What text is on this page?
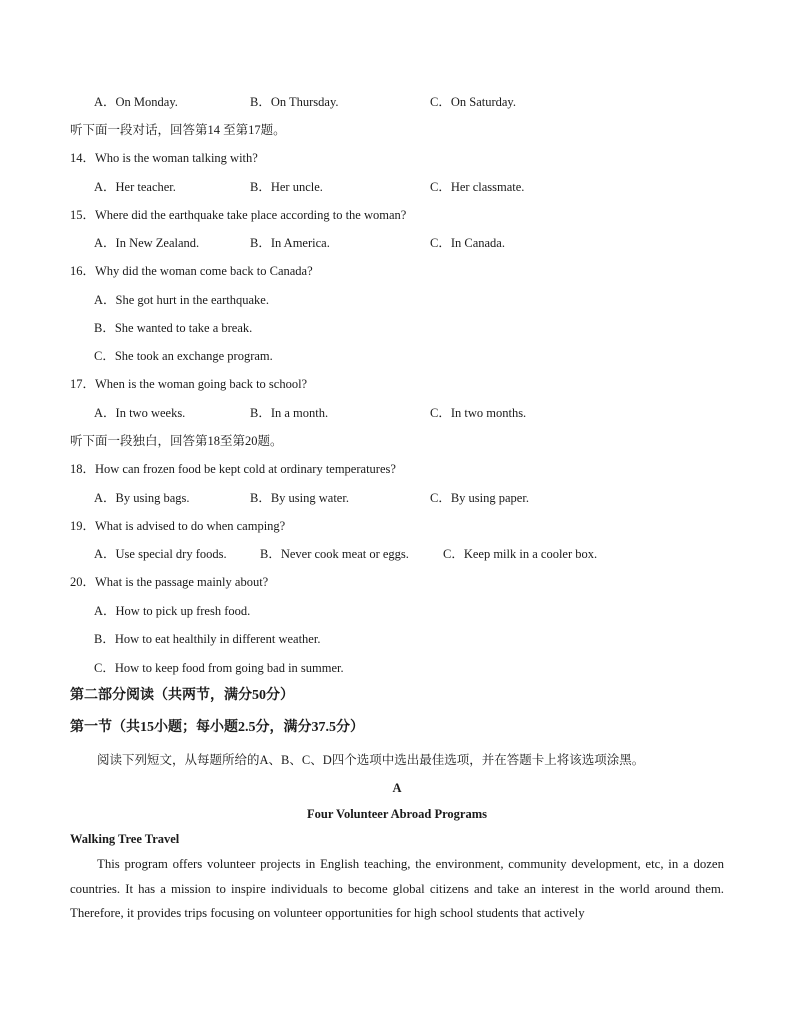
A．On Monday.	B．On Thursday.	C．On Saturday.
听下面一段对话，回答第14 至第17题。
14．Who is the woman talking with?
A．Her teacher.	B．Her uncle.	C．Her classmate.
15．Where did the earthquake take place according to the woman?
A．In New Zealand.	B．In America.	C．In Canada.
16．Why did the woman come back to Canada?
A．She got hurt in the earthquake.
B．She wanted to take a break.
C．She took an exchange program.
17．When is the woman going back to school?
A．In two weeks.	B．In a month.	C．In two months.
听下面一段独白，回答第18至第20题。
18．How can frozen food be kept cold at ordinary temperatures?
A．By using bags.	B．By using water.	C．By using paper.
19．What is advised to do when camping?
A．Use special dry foods.	B．Never cook meat or eggs.	C．Keep milk in a cooler box.
20．What is the passage mainly about?
A．How to pick up fresh food.
B．How to eat healthily in different weather.
C．How to keep food from going bad in summer.
第二部分阅读（共两节，满分50分）
第一节（共15小题；每小题2.5分，满分37.5分）
阅读下列短文，从每题所给的A、B、C、D四个选项中选出最佳选项，并在答题卡上将该选项涂黑。
A
Four Volunteer Abroad Programs
Walking Tree Travel
This program offers volunteer projects in English teaching, the environment, community development, etc, in a dozen countries. It has a mission to inspire individuals to become global citizens and take an interest in the world around them. Therefore, it provides trips focusing on volunteer opportunities for high school students that actively
